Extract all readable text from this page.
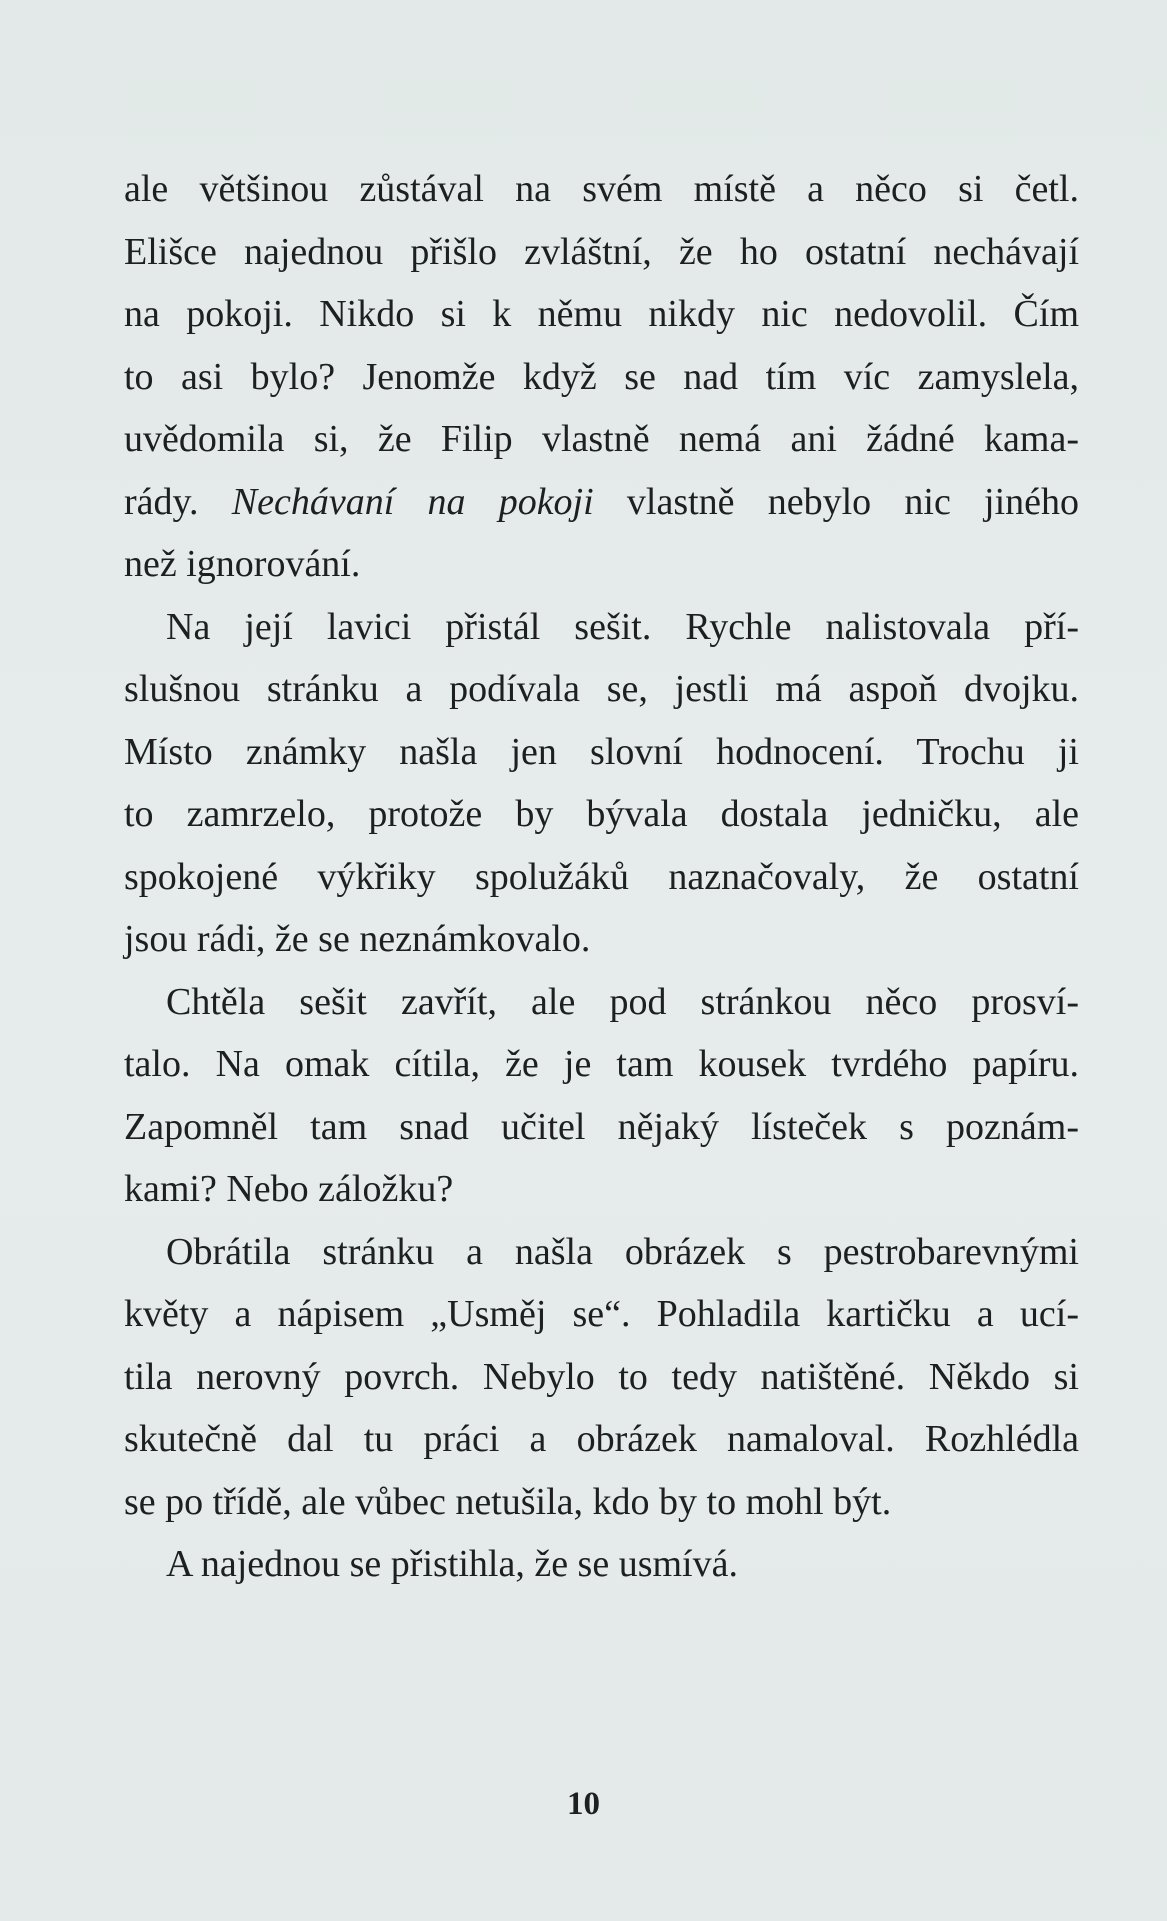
ale většinou zůstával na svém místě a něco si četl.
Elišce najednou přišlo zvláštní, že ho ostatní nechávají
na pokoji. Nikdo si k němu nikdy nic nedovolil. Čím
to asi bylo? Jenomže když se nad tím víc zamyslela,
uvědomila si, že Filip vlastně nemá ani žádné kama-
rády. Nechávaní na pokoji vlastně nebylo nic jiného
než ignorování.

Na její lavici přistál sešit. Rychle nalistovala pří-
slušnou stránku a podívala se, jestli má aspoň dvojku.
Místo známky našla jen slovní hodnocení. Trochu ji
to zamrzelo, protože by bývala dostala jedničku, ale
spokojené výkřiky spolužáků naznačovaly, že ostatní
jsou rádi, že se neznámkovalo.

Chtěla sešit zavřít, ale pod stránkou něco prosví-
talo. Na omak cítila, že je tam kousek tvrdého papíru.
Zapomněl tam snad učitel nějaký lísteček s poznám-
kami? Nebo záložku?

Obrátila stránku a našla obrázek s pestrobarevnými
květy a nápisem „Usměj se“. Pohladila kartičku a ucí-
tila nerovný povrch. Nebylo to tedy natištěné. Někdo si
skutečně dal tu práci a obrázek namaloval. Rozhlédla
se po třídě, ale vůbec netušila, kdo by to mohl být.

A najednou se přistihla, že se usmívá.

10
